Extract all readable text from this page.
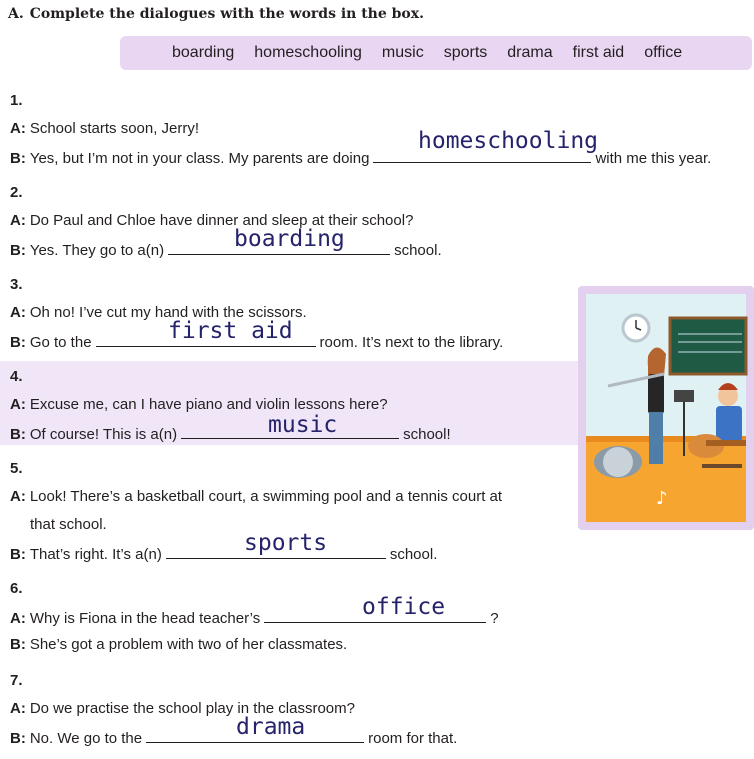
A. Complete the dialogues with the words in the box.
boarding homeschooling music sports drama first aid office
1.
A: School starts soon, Jerry!
B: Yes, but I’m not in your class. My parents are doing	with me this year.
homeschooling
2.
A: Do Paul and Chloe have dinner and sleep at their school?
B: Yes. They go to a(n)	school.
boarding
3.
A: Oh no! I’ve cut my hand with the scissors.
B: Go to the	room. It’s next to the library.
first aid
4.
A: Excuse me, can I have piano and violin lessons here?
B: Of course! This is a(n)	school!
music
5.
A: Look! There’s a basketball court, a swimming pool and a tennis court at
that school.
B: That’s right. It’s a(n)	school.
sports
6.
A: Why is Fiona in the head teacher’s	?
office
B: She’s got a problem with two of her classmates.
7.
A: Do we practise the school play in the classroom?
B: No. We go to the	room for that.
drama
♪
